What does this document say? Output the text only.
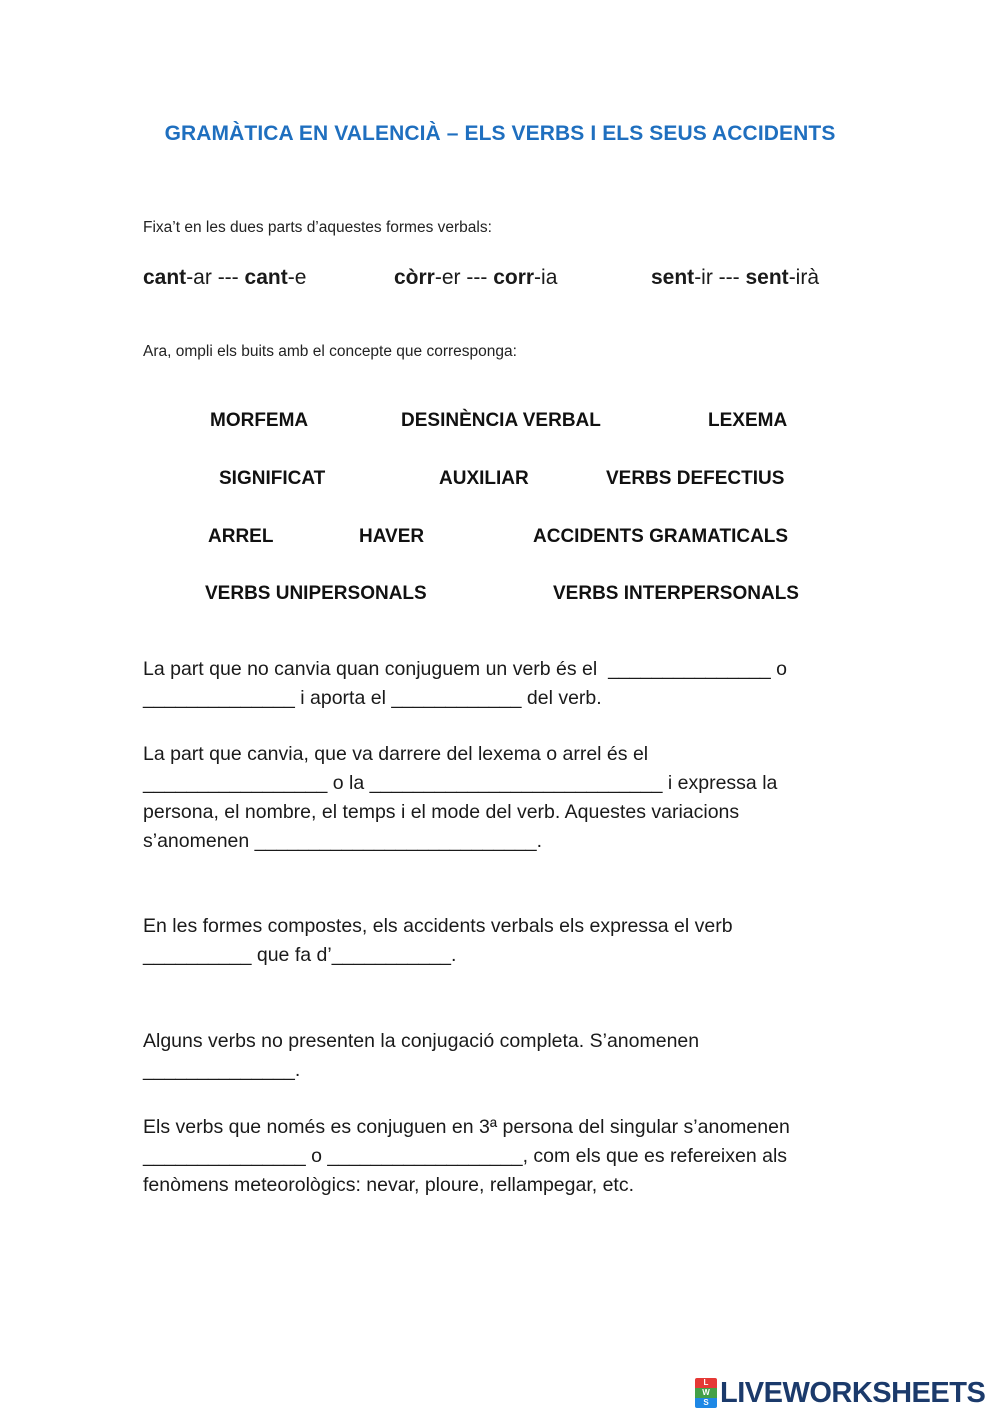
GRAMÀTICA EN VALENCIÀ – ELS VERBS I ELS SEUS ACCIDENTS
Fixa’t en les dues parts d’aquestes formes verbals:
cant-ar --- cant-e	còrr-er --- corr-ia	sent-ir --- sent-irà
Ara, ompli els buits amb el concepte que corresponga:
MORFEMA	DESINÈNCIA VERBAL	LEXEMA
SIGNIFICAT	AUXILIAR	VERBS DEFECTIUS
ARREL	HAVER	ACCIDENTS GRAMATICALS
VERBS UNIPERSONALS	VERBS INTERPERSONALS
La part que no canvia quan conjuguem un verb és el  _______________ o
______________ i aporta el ____________ del verb.
La part que canvia, que va darrere del lexema o arrel és el
_________________ o la ___________________________ i expressa la
persona, el nombre, el temps i el mode del verb. Aquestes variacions
s’anomenen __________________________.
En les formes compostes, els accidents verbals els expressa el verb
__________ que fa d’___________.
Alguns verbs no presenten la conjugació completa. S’anomenen
______________.
Els verbs que només es conjuguen en 3ª persona del singular s’anomenen
_______________ o __________________, com els que es refereixen als
fenòmens meteorològics: nevar, ploure, rellampegar, etc.
L
W
S LIVEWORKSHEETS
